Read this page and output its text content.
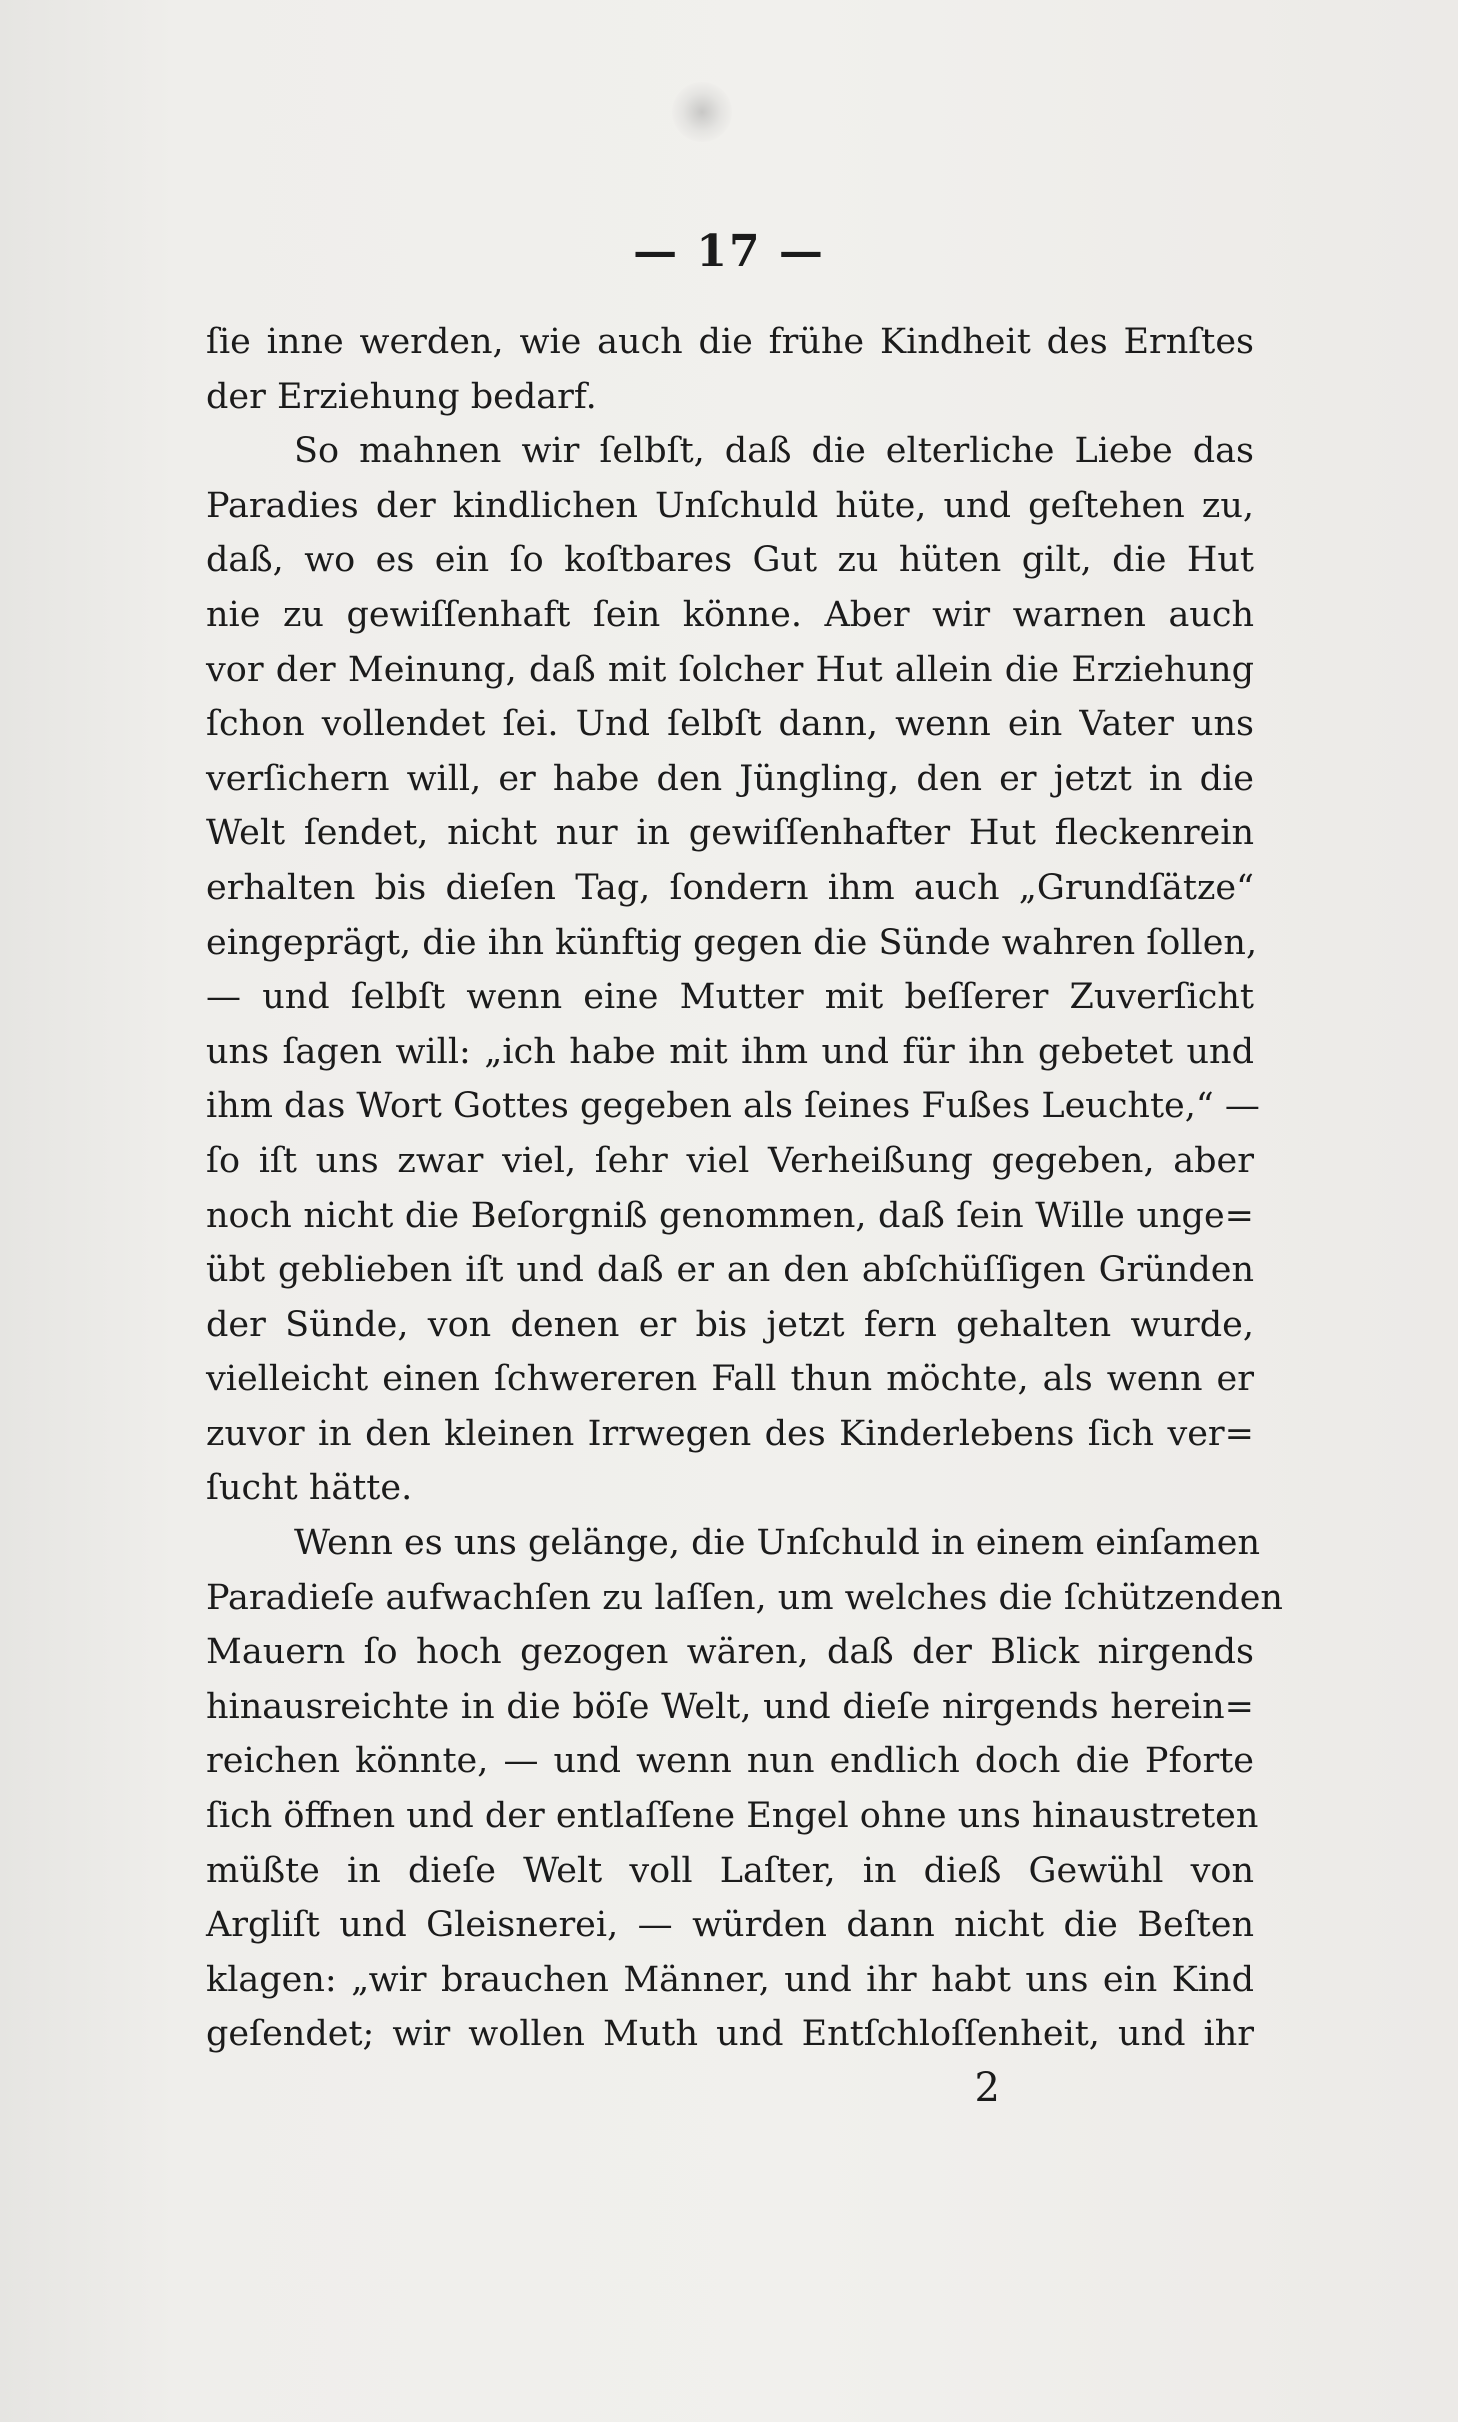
— 17 —
ſie inne werden, wie auch die frühe Kindheit des Ernſtes
der Erziehung bedarf.
So mahnen wir ſelbſt, daß die elterliche Liebe das
Paradies der kindlichen Unſchuld hüte, und geſtehen zu,
daß, wo es ein ſo koſtbares Gut zu hüten gilt, die Hut
nie zu gewiſſenhaft ſein könne. Aber wir warnen auch
vor der Meinung, daß mit ſolcher Hut allein die Erziehung
ſchon vollendet ſei. Und ſelbſt dann, wenn ein Vater uns
verſichern will, er habe den Jüngling, den er jetzt in die
Welt ſendet, nicht nur in gewiſſenhafter Hut fleckenrein
erhalten bis dieſen Tag, ſondern ihm auch „Grundſätze“
eingeprägt, die ihn künftig gegen die Sünde wahren ſollen,
— und ſelbſt wenn eine Mutter mit beſſerer Zuverſicht
uns ſagen will: „ich habe mit ihm und für ihn gebetet und
ihm das Wort Gottes gegeben als ſeines Fußes Leuchte,“ —
ſo iſt uns zwar viel, ſehr viel Verheißung gegeben, aber
noch nicht die Beſorgniß genommen, daß ſein Wille unge=
übt geblieben iſt und daß er an den abſchüſſigen Gründen
der Sünde, von denen er bis jetzt fern gehalten wurde,
vielleicht einen ſchwereren Fall thun möchte, als wenn er
zuvor in den kleinen Irrwegen des Kinderlebens ſich ver=
ſucht hätte.
Wenn es uns gelänge, die Unſchuld in einem einſamen
Paradieſe aufwachſen zu laſſen, um welches die ſchützenden
Mauern ſo hoch gezogen wären, daß der Blick nirgends
hinausreichte in die böſe Welt, und dieſe nirgends herein=
reichen könnte, — und wenn nun endlich doch die Pforte
ſich öffnen und der entlaſſene Engel ohne uns hinaustreten
müßte in dieſe Welt voll Laſter, in dieß Gewühl von
Argliſt und Gleisnerei, — würden dann nicht die Beſten
klagen: „wir brauchen Männer, und ihr habt uns ein Kind
geſendet; wir wollen Muth und Entſchloſſenheit, und ihr
2
